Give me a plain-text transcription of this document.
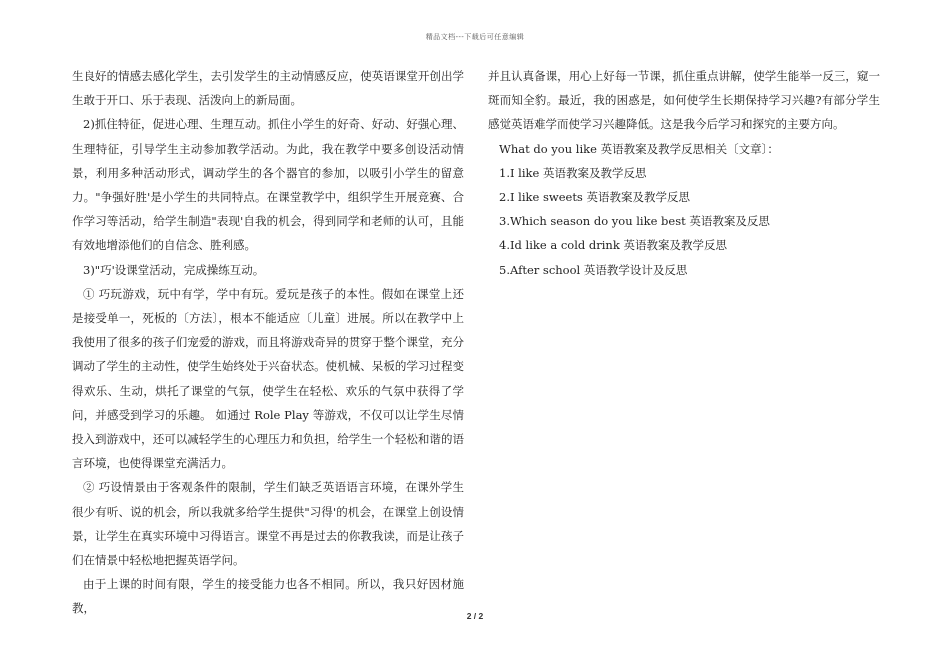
精品文档---下载后可任意编辑

生良好的情感去感化学生，去引发学生的主动情感反应，使英语课堂开创出学生敢于开口、乐于表现、活泼向上的新局面。

2)抓住特征，促进心理、生理互动。抓住小学生的好奇、好动、好强心理、生理特征，引导学生主动参加教学活动。为此，我在教学中要多创设活动情景，利用多种活动形式，调动学生的各个器官的参加，以吸引小学生的留意力。"争强好胜'是小学生的共同特点。在课堂教学中，组织学生开展竞赛、合作学习等活动，给学生制造"表现'自我的机会，得到同学和老师的认可，且能有效地增添他们的自信念、胜利感。

3)"巧'设课堂活动，完成操练互动。

① 巧玩游戏，玩中有学，学中有玩。爱玩是孩子的本性。假如在课堂上还是接受单一，死板的〔方法〕，根本不能适应〔儿童〕进展。所以在教学中上我使用了很多的孩子们宠爱的游戏，而且将游戏奇异的贯穿于整个课堂，充分调动了学生的主动性，使学生始终处于兴奋状态。使机械、呆板的学习过程变得欢乐、生动，烘托了课堂的气氛，使学生在轻松、欢乐的气氛中获得了学问，并感受到学习的乐趣。 如通过 Role Play 等游戏，不仅可以让学生尽情投入到游戏中，还可以减轻学生的心理压力和负担，给学生一个轻松和谐的语言环境，也使得课堂充满活力。

② 巧设情景由于客观条件的限制，学生们缺乏英语语言环境，在课外学生很少有听、说的机会，所以我就多给学生提供"习得'的机会，在课堂上创设情景，让学生在真实环境中习得语言。课堂不再是过去的你教我读，而是让孩子们在情景中轻松地把握英语学问。

由于上课的时间有限，学生的接受能力也各不相同。所以，我只好因材施教，

并且认真备课，用心上好每一节课，抓住重点讲解，使学生能举一反三，窥一斑而知全豹。最近，我的困惑是，如何使学生长期保持学习兴趣?有部分学生感觉英语难学而使学习兴趣降低。这是我今后学习和探究的主要方向。

What do you like 英语教案及教学反思相关〔文章〕：

1.I like 英语教案及教学反思

2.I like sweets 英语教案及教学反思

3.Which season do you like best 英语教案及反思

4.Id like a cold drink 英语教案及教学反思

5.After school 英语教学设计及反思

2 / 2
